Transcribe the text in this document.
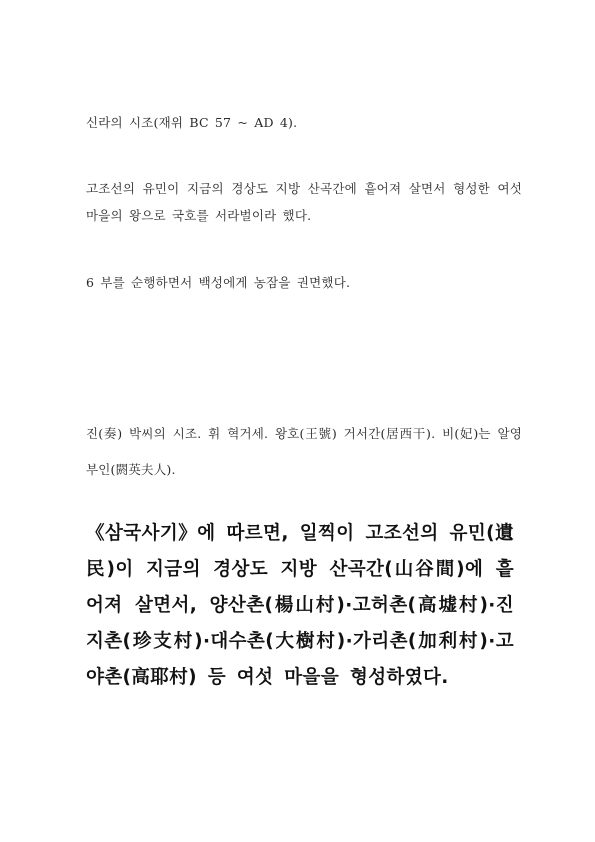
신라의 시조(재위 BC 57 ~ AD 4).

고조선의 유민이 지금의 경상도 지방 산곡간에 흩어져 살면서 형성한 여섯 마을의 왕으로 국호를 서라벌이라 했다.

6 부를 순행하면서 백성에게 농잠을 권면했다.

진(奏) 박씨의 시조. 휘 혁거세. 왕호(王號) 거서간(居西干). 비(妃)는 알영부인(閼英夫人).

《삼국사기》에 따르면, 일찍이 고조선의 유민(遺民)이 지금의 경상도 지방 산곡간(山谷間)에 흩어져 살면서, 양산촌(楊山村)·고허촌(高墟村)·진지촌(珍支村)·대수촌(大樹村)·가리촌(加利村)·고야촌(高耶村) 등 여섯 마을을 형성하였다.
